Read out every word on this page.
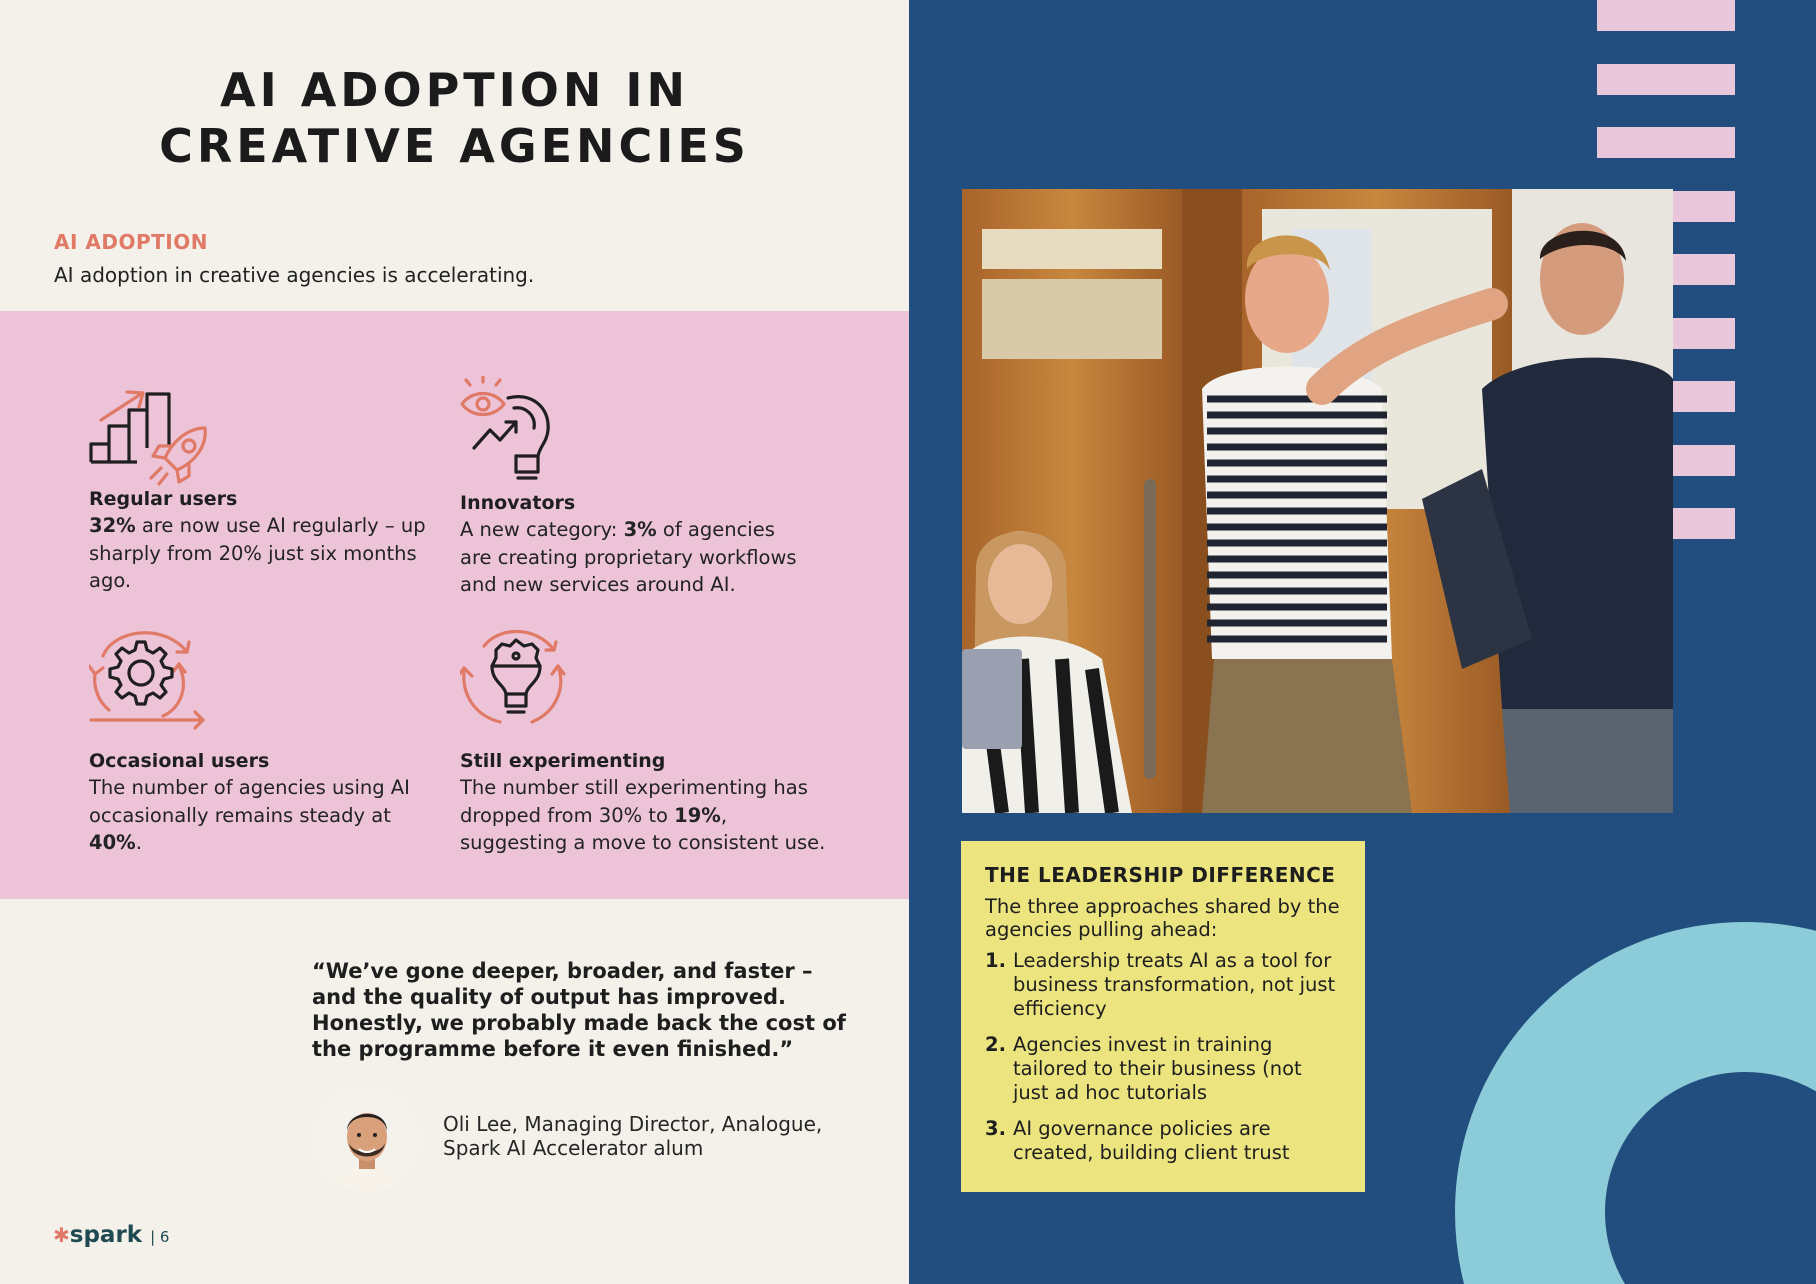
AI ADOPTION IN
CREATIVE AGENCIES
AI ADOPTION
AI adoption in creative agencies is accelerating.
Regular users

32% are now use AI regularly – up sharply from 20% just six months ago.

Innovators

A new category: 3% of agencies are creating proprietary workflows and new services around AI.

Occasional users

The number of agencies using AI occasionally remains steady at 40%.

Still experimenting

The number still experimenting has dropped from 30% to 19%, suggesting a move to consistent use.

“We’ve gone deeper, broader, and faster – and the quality of output has improved. Honestly, we probably made back the cost of the programme before it even finished.”
Oli Lee, Managing Director, Analogue,
Spark AI Accelerator alum
✱spark | 6
THE LEADERSHIP DIFFERENCE

The three approaches shared by the agencies pulling ahead:

1. Leadership treats AI as a tool for business transformation, not just efficiency
2. Agencies invest in training tailored to their business (not just ad hoc tutorials
3. AI governance policies are created, building client trust
